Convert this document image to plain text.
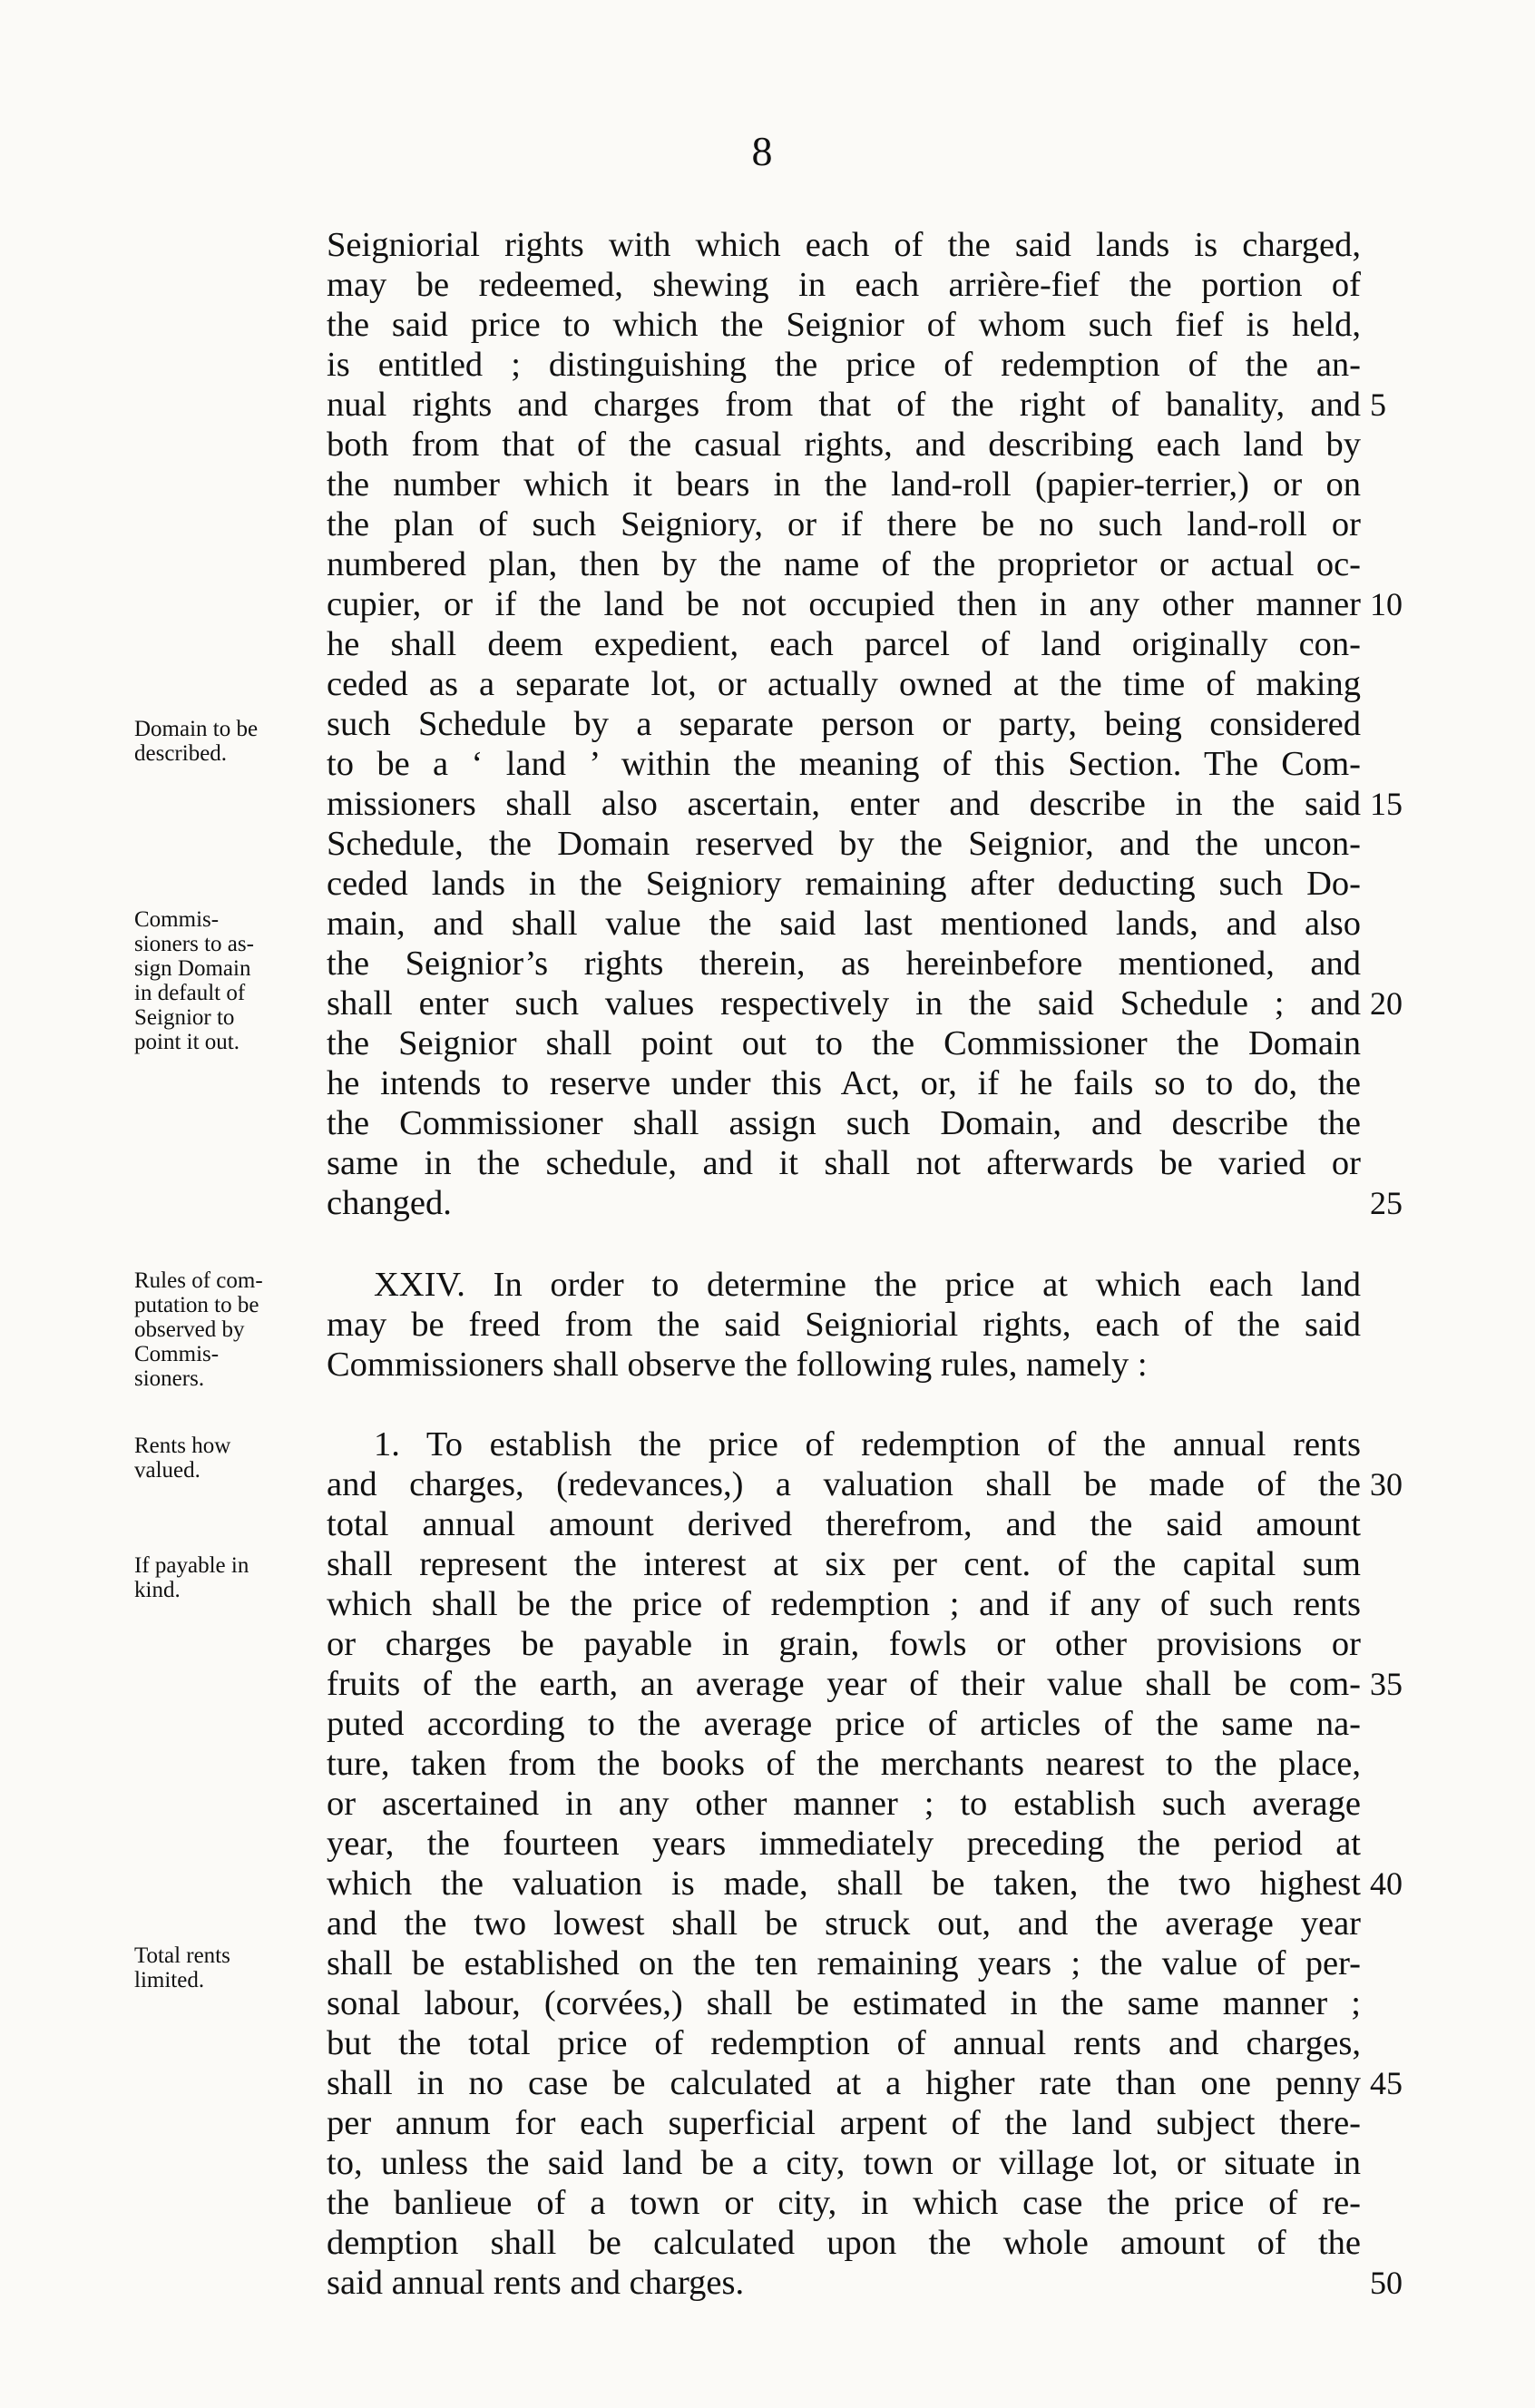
8
Seigniorial rights with which each of the said lands is charged,
may be redeemed, shewing in each arrière-fief the portion of
the said price to which the Seignior of whom such fief is held,
is entitled ; distinguishing the price of redemption of the an-
nual rights and charges from that of the right of banality, and
both from that of the casual rights, and describing each land by
the number which it bears in the land-roll (papier-terrier,) or on
the plan of such Seigniory, or if there be no such land-roll or
numbered plan, then by the name of the proprietor or actual oc-
cupier, or if the land be not occupied then in any other manner
he shall deem expedient, each parcel of land originally con-
ceded as a separate lot, or actually owned at the time of making
such Schedule by a separate person or party, being considered
to be a ‘ land ’ within the meaning of this Section. The Com-
missioners shall also ascertain, enter and describe in the said
Schedule, the Domain reserved by the Seignior, and the uncon-
ceded lands in the Seigniory remaining after deducting such Do-
main, and shall value the said last mentioned lands, and also
the Seignior’s rights therein, as hereinbefore mentioned, and
shall enter such values respectively in the said Schedule ; and
the Seignior shall point out to the Commissioner the Domain
he intends to reserve under this Act, or, if he fails so to do, the
the Commissioner shall assign such Domain, and describe the
same in the schedule, and it shall not afterwards be varied or
changed.
XXIV. In order to determine the price at which each land
may be freed from the said Seigniorial rights, each of the said
Commissioners shall observe the following rules, namely :
1. To establish the price of redemption of the annual rents
and charges, (redevances,) a valuation shall be made of the
total annual amount derived therefrom, and the said amount
shall represent the interest at six per cent. of the capital sum
which shall be the price of redemption ; and if any of such rents
or charges be payable in grain, fowls or other provisions or
fruits of the earth, an average year of their value shall be com-
puted according to the average price of articles of the same na-
ture, taken from the books of the merchants nearest to the place,
or ascertained in any other manner ; to establish such average
year, the fourteen years immediately preceding the period at
which the valuation is made, shall be taken, the two highest
and the two lowest shall be struck out, and the average year
shall be established on the ten remaining years ; the value of per-
sonal labour, (corvées,) shall be estimated in the same manner ;
but the total price of redemption of annual rents and charges,
shall in no case be calculated at a higher rate than one penny
per annum for each superficial arpent of the land subject there-
to, unless the said land be a city, town or village lot, or situate in
the banlieue of a town or city, in which case the price of re-
demption shall be calculated upon the whole amount of the
said annual rents and charges.
5
10
15
20
25
30
35
40
45
50
Domain to be
described.
Commis-
sioners to as-
sign Domain
in default of
Seignior to
point it out.
Rules of com-
putation to be
observed by
Commis-
sioners.
Rents how
valued.
If payable in
kind.
Total rents
limited.
